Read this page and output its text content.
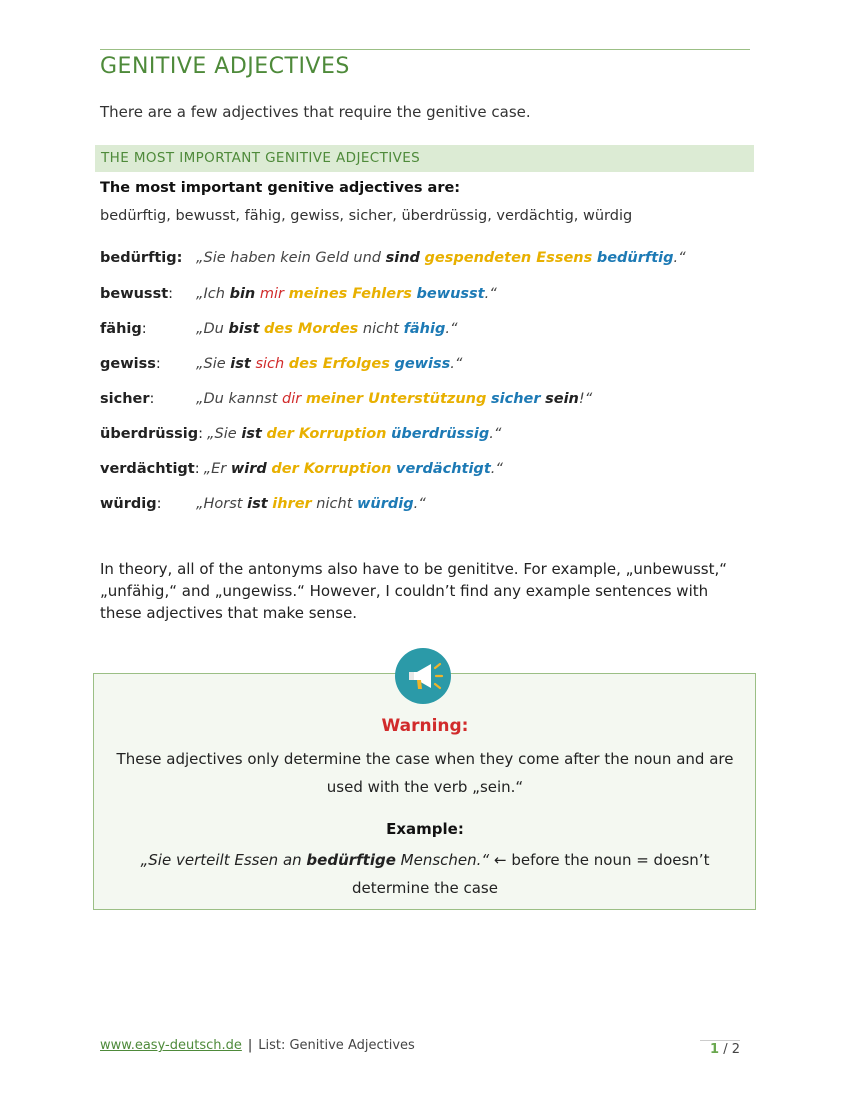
GENITIVE ADJECTIVES
There are a few adjectives that require the genitive case.
THE MOST IMPORTANT GENITIVE ADJECTIVES
The most important genitive adjectives are:
bedürftig, bewusst, fähig, gewiss, sicher, überdrüssig, verdächtig, würdig
bedürftig: „Sie haben kein Geld und sind gespendeten Essens bedürftig.“
bewusst: „Ich bin mir meines Fehlers bewusst.“
fähig:	„Du bist des Mordes nicht fähig.“
gewiss: „Sie ist sich des Erfolges gewiss.“
sicher:	„Du kannst dir meiner Unterstützung sicher sein!“
überdrüssig: „Sie ist der Korruption überdrüssig.“
verdächtigt: „Er wird der Korruption verdächtigt.“
würdig: „Horst ist ihrer nicht würdig.“
In theory, all of the antonyms also have to be genititve. For example, „unbewusst,“ „unfähig,“ and „ungewiss.“ However, I couldn’t find any example sentences with these adjectives that make sense.
Warning:
These adjectives only determine the case when they come after the noun and are used with the verb „sein.“
Example:
„Sie verteilt Essen an bedürftige Menschen.“ ← before the noun = doesn’t determine the case
www.easy-deutsch.de | List: Genitive Adjectives	1 / 2
